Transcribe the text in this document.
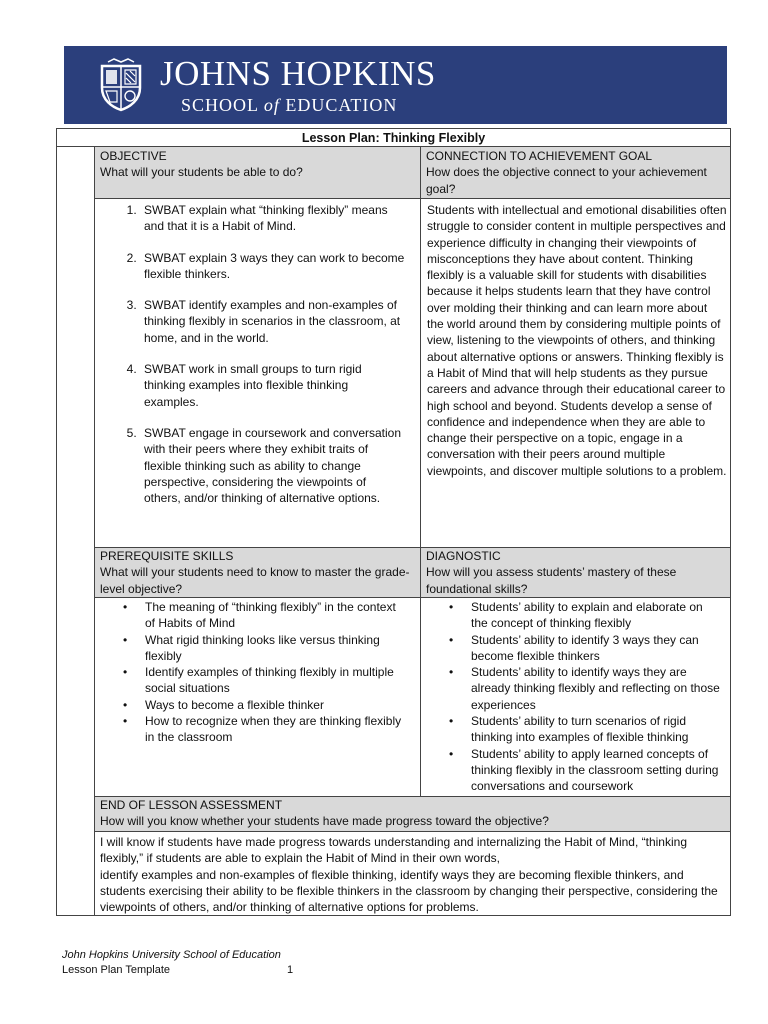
JOHNS HOPKINS
SCHOOL of EDUCATION
Lesson Plan: Thinking Flexibly
OBJECTIVE
What will your students be able to do?
CONNECTION TO ACHIEVEMENT GOAL
How does the objective connect to your achievement goal?
1. SWBAT explain what “thinking flexibly” means and that it is a Habit of Mind.
2. SWBAT explain 3 ways they can work to become flexible thinkers.
3. SWBAT identify examples and non-examples of thinking flexibly in scenarios in the classroom, at home, and in the world.
4. SWBAT work in small groups to turn rigid thinking examples into flexible thinking examples.
5. SWBAT engage in coursework and conversation with their peers where they exhibit traits of flexible thinking such as ability to change perspective, considering the viewpoints of others, and/or thinking of alternative options.
Students with intellectual and emotional disabilities often struggle to consider content in multiple perspectives and experience difficulty in changing their viewpoints of misconceptions they have about content. Thinking flexibly is a valuable skill for students with disabilities because it helps students learn that they have control over molding their thinking and can learn more about the world around them by considering multiple points of view, listening to the viewpoints of others, and thinking about alternative options or answers. Thinking flexibly is a Habit of Mind that will help students as they pursue careers and advance through their educational career to high school and beyond. Students develop a sense of confidence and independence when they are able to change their perspective on a topic, engage in a conversation with their peers around multiple viewpoints, and discover multiple solutions to a problem.
PREREQUISITE SKILLS
What will your students need to know to master the grade-level objective?
DIAGNOSTIC
How will you assess students’ mastery of these foundational skills?
• The meaning of “thinking flexibly” in the context of Habits of Mind
• What rigid thinking looks like versus thinking flexibly
• Identify examples of thinking flexibly in multiple social situations
• Ways to become a flexible thinker
• How to recognize when they are thinking flexibly in the classroom
• Students’ ability to explain and elaborate on the concept of thinking flexibly
• Students’ ability to identify 3 ways they can become flexible thinkers
• Students’ ability to identify ways they are already thinking flexibly and reflecting on those experiences
• Students’ ability to turn scenarios of rigid thinking into examples of flexible thinking
• Students’ ability to apply learned concepts of thinking flexibly in the classroom setting during conversations and coursework
END OF LESSON ASSESSMENT
How will you know whether your students have made progress toward the objective?
I will know if students have made progress towards understanding and internalizing the Habit of Mind, “thinking flexibly,” if students are able to explain the Habit of Mind in their own words,
identify examples and non-examples of flexible thinking, identify ways they are becoming flexible thinkers, and students exercising their ability to be flexible thinkers in the classroom by changing their perspective, considering the viewpoints of others, and/or thinking of alternative options for problems.
John Hopkins University School of Education
Lesson Plan Template	1
